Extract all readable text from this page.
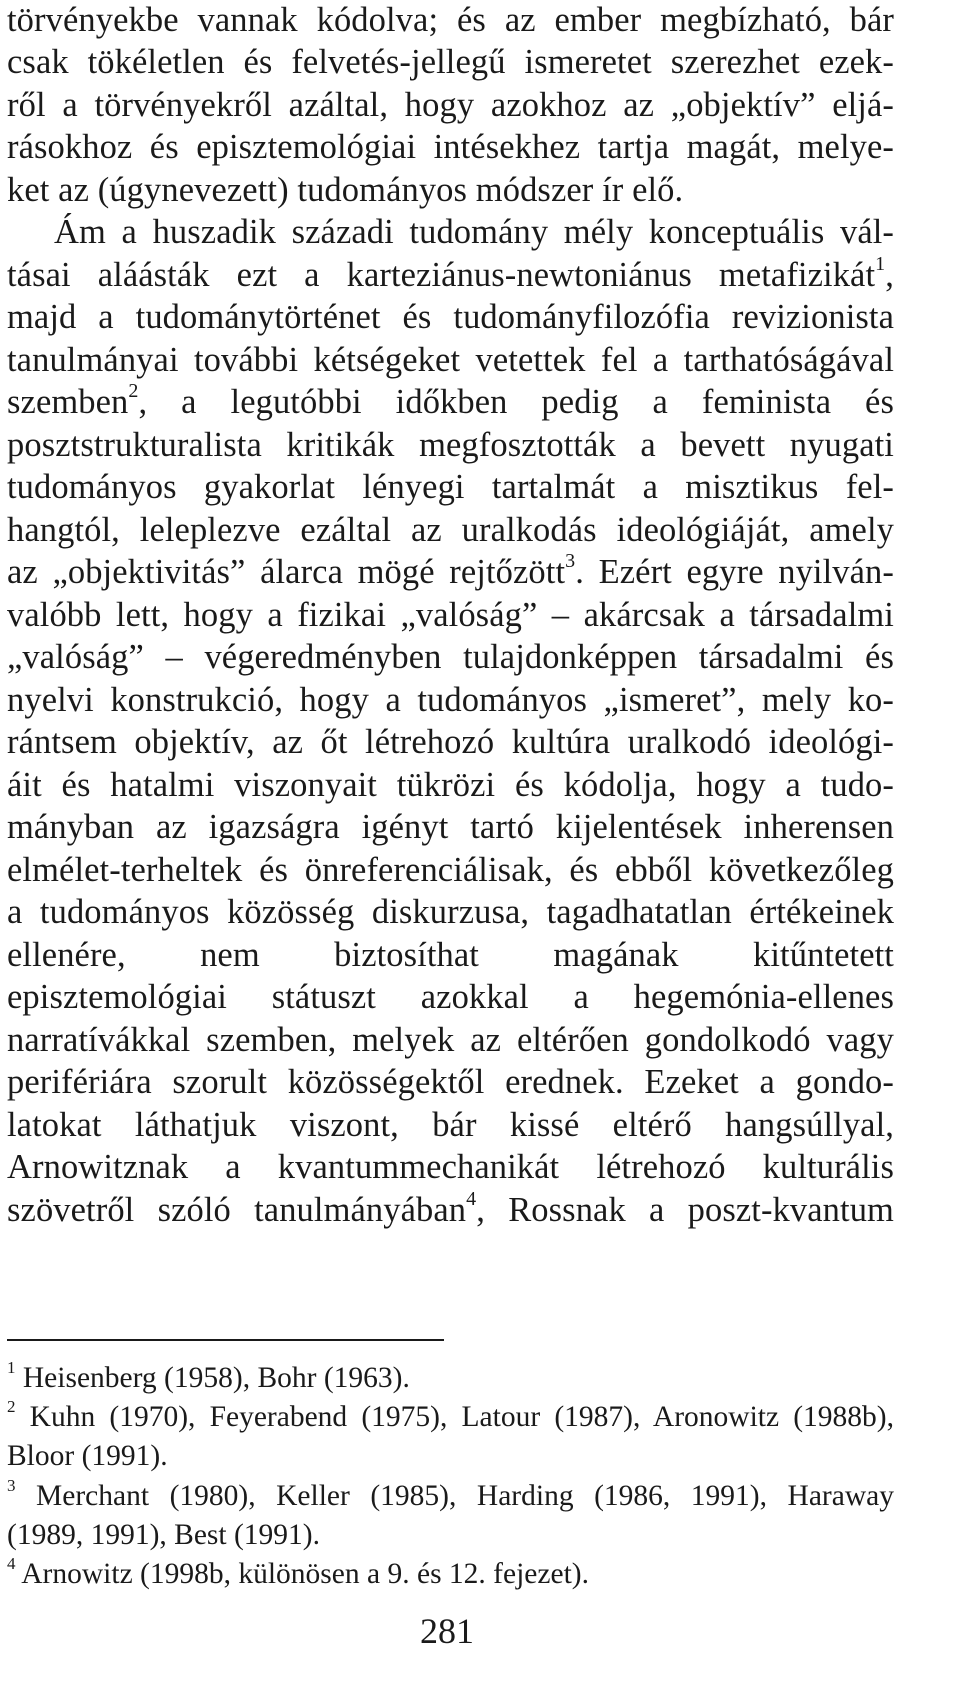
törvényekbe vannak kódolva; és az ember megbízható, bár
csak tökéletlen és felvetés-jellegű ismeretet szerezhet ezek-
ről a törvényekről azáltal, hogy azokhoz az „objektív” eljá-
rásokhoz és episztemológiai intésekhez tartja magát, melye-
ket az (úgynevezett) tudományos módszer ír elő.
Ám a huszadik századi tudomány mély konceptuális vál-
tásai aláásták ezt a karteziánus-newtoniánus metafizikát$^1$,
majd a tudománytörténet és tudományfilozófia revizionista
tanulmányai további kétségeket vetettek fel a tarthatóságával
szemben$^2$, a legutóbbi időkben pedig a feminista és
posztstrukturalista kritikák megfosztották a bevett nyugati
tudományos gyakorlat lényegi tartalmát a misztikus fel-
hangtól, leleplezve ezáltal az uralkodás ideológiáját, amely
az „objektivitás” álarca mögé rejtőzött$^3$. Ezért egyre nyilván-
valóbb lett, hogy a fizikai „valóság” – akárcsak a társadalmi
„valóság” – végeredményben tulajdonképpen társadalmi és
nyelvi konstrukció, hogy a tudományos „ismeret”, mely ko-
rántsem objektív, az őt létrehozó kultúra uralkodó ideológi-
áit és hatalmi viszonyait tükrözi és kódolja, hogy a tudo-
mányban az igazságra igényt tartó kijelentések inherensen
elmélet-terheltek és önreferenciálisak, és ebből következőleg
a tudományos közösség diskurzusa, tagadhatatlan értékeinek
ellenére, nem biztosíthat magának kitűntetett
episztemológiai státuszt azokkal a hegemónia-ellenes
narratívákkal szemben, melyek az eltérően gondolkodó vagy
perifériára szorult közösségektől erednek. Ezeket a gondo-
latokat láthatjuk viszont, bár kissé eltérő hangsúllyal,
Arnowitznak a kvantummechanikát létrehozó kulturális
szövetről szóló tanulmányában$^4$, Rossnak a poszt-kvantum
$^1$ Heisenberg (1958), Bohr (1963).
$^2$ Kuhn (1970), Feyerabend (1975), Latour (1987), Aronowitz (1988b),
Bloor (1991).
$^3$ Merchant (1980), Keller (1985), Harding (1986, 1991), Haraway
(1989, 1991), Best (1991).
$^4$ Arnowitz (1998b, különösen a 9. és 12. fejezet).
281
